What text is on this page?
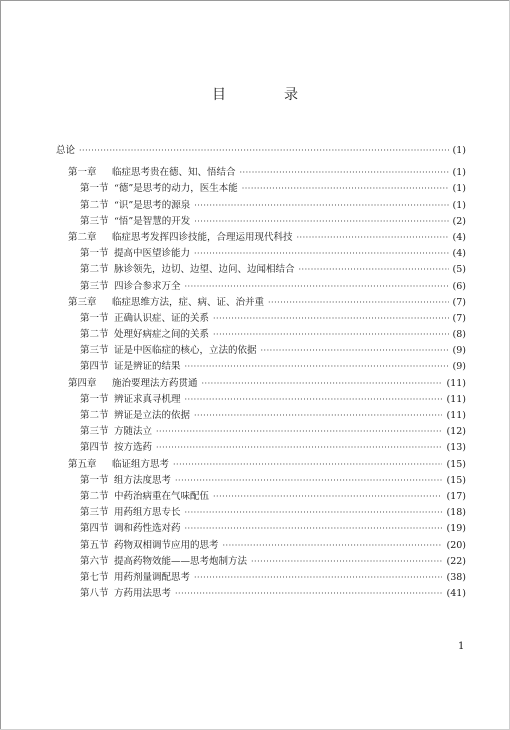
目　录
总论 ·····	(1)
第一章	临症思考贵在德、知、悟结合 ·····	(1)
第一节 “德”是思考的动力，医生本能 ·····	(1)
第二节 “识”是思考的源泉 ·····	(1)
第三节 “悟”是智慧的开发 ·····	(2)
第二章	临症思考发挥四诊技能，合理运用现代科技 ·····	(4)
第一节 提高中医望诊能力 ·····	(4)
第二节 脉诊领先，边切、边望、边问、边闻相结合 ·····	(5)
第三节 四诊合参求万全 ·····	(6)
第三章	临症思维方法，症、病、证、治并重 ·····	(7)
第一节 正确认识症、证的关系 ·····	(7)
第二节 处理好病症之间的关系 ·····	(8)
第三节 证是中医临症的核心，立法的依据 ·····	(9)
第四节 证是辨证的结果 ·····	(9)
第四章	施治要理法方药贯通 ·····	(11)
第一节 辨证求真寻机理 ·····	(11)
第二节 辨证是立法的依据 ·····	(11)
第三节 方随法立 ·····	(12)
第四节 按方选药 ·····	(13)
第五章	临证组方思考 ·····	(15)
第一节 组方法度思考 ·····	(15)
第二节 中药治病重在气味配伍 ·····	(17)
第三节 用药组方思专长 ·····	(18)
第四节 调和药性选对药 ·····	(19)
第五节 药物双相调节应用的思考 ·····	(20)
第六节 提高药物效能——思考炮制方法 ·····	(22)
第七节 用药剂量调配思考 ·····	(38)
第八节 方药用法思考 ·····	(41)
1
